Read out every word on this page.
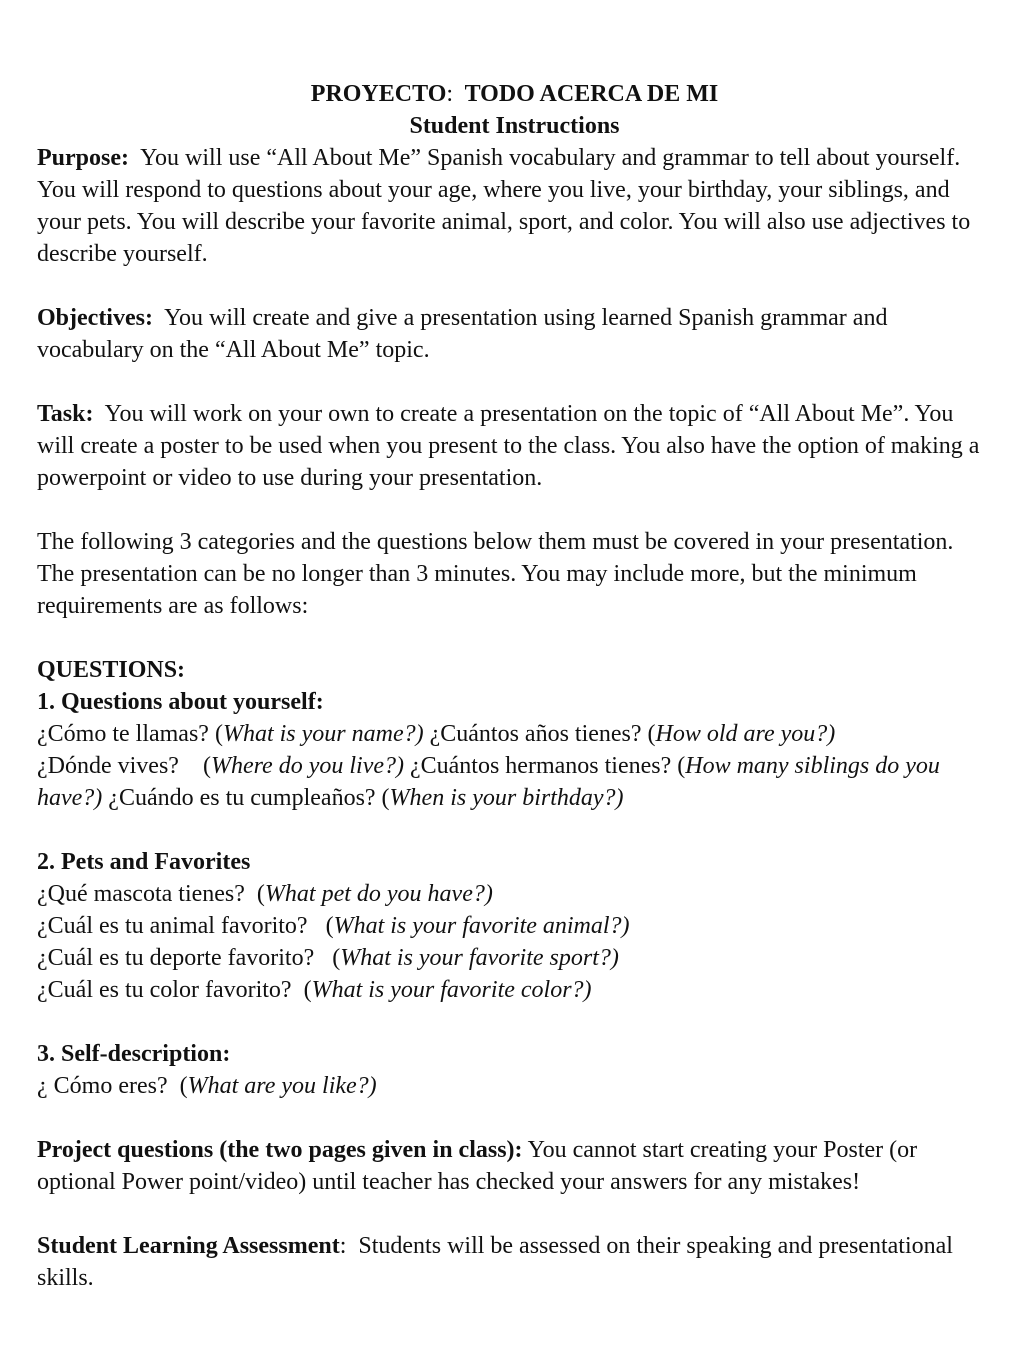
PROYECTO: TODO ACERCA DE MI
Student Instructions

Purpose: You will use “All About Me” Spanish vocabulary and grammar to tell about yourself. You will respond to questions about your age, where you live, your birthday, your siblings, and your pets. You will describe your favorite animal, sport, and color. You will also use adjectives to describe yourself.

Objectives: You will create and give a presentation using learned Spanish grammar and vocabulary on the “All About Me” topic.

Task: You will work on your own to create a presentation on the topic of “All About Me”. You will create a poster to be used when you present to the class. You also have the option of making a powerpoint or video to use during your presentation.

The following 3 categories and the questions below them must be covered in your presentation. The presentation can be no longer than 3 minutes. You may include more, but the minimum requirements are as follows:

QUESTIONS:
1. Questions about yourself:

¿Cómo te llamas? (What is your name?) ¿Cuántos años tienes? (How old are you?)
¿Dónde vives?    (Where do you live?) ¿Cuántos hermanos tienes? (How many siblings do you have?) ¿Cuándo es tu cumpleaños? (When is your birthday?)

2. Pets and Favorites
¿Qué mascota tienes?  (What pet do you have?)
¿Cuál es tu animal favorito?   (What is your favorite animal?)
¿Cuál es tu deporte favorito?   (What is your favorite sport?)
¿Cuál es tu color favorito?  (What is your favorite color?)
3. Self-description:
¿ Cómo eres?  (What are you like?)

Project questions (the two pages given in class): You cannot start creating your Poster (or optional Power point/video) until teacher has checked your answers for any mistakes!

Student Learning Assessment:  Students will be assessed on their speaking and presentational skills.
